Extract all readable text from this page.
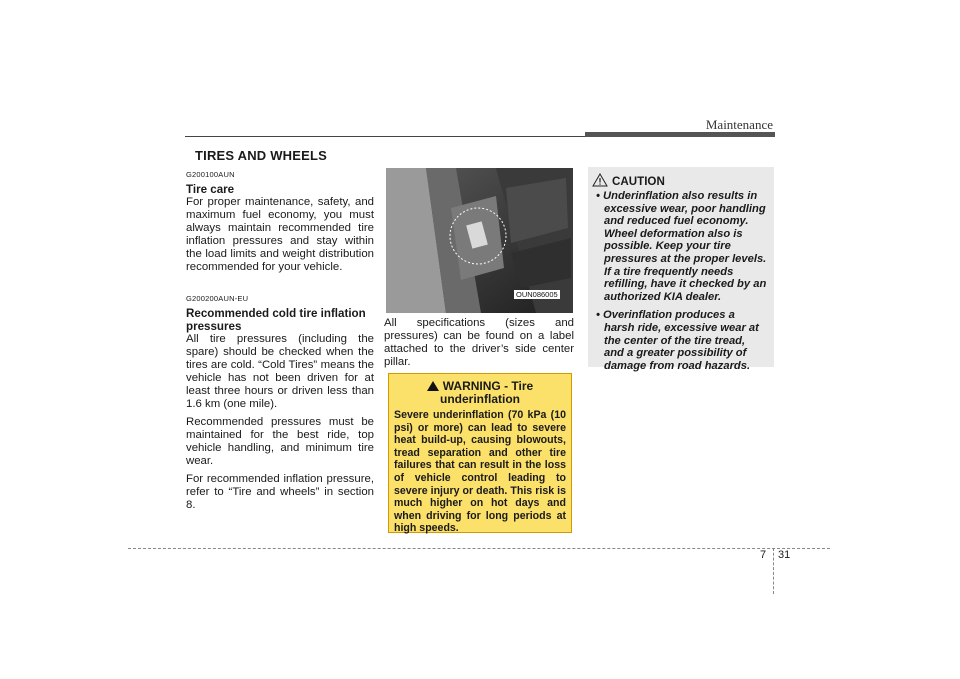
Maintenance
TIRES AND WHEELS

G200100AUN

Tire care

For proper maintenance, safety, and maximum fuel economy, you must always maintain recommended tire inflation pressures and stay within the load limits and weight distribution recommended for your vehicle.

G200200AUN-EU

Recommended cold tire inflation pressures

All tire pressures (including the spare) should be checked when the tires are cold. “Cold Tires” means the vehicle has not been driven for at least three hours or driven less than 1.6 km (one mile).

Recommended pressures must be maintained for the best ride, top vehicle handling, and minimum tire wear.

For recommended inflation pressure, refer to “Tire and wheels” in section 8.

OUN086005

All specifications (sizes and pressures) can be found on a label attached to the driver’s side center pillar.

WARNING - Tire underinflation

Severe underinflation (70 kPa (10 psi) or more) can lead to severe heat build-up, causing blowouts, tread separation and other tire failures that can result in the loss of vehicle control leading to severe injury or death. This risk is much higher on hot days and when driving for long periods at high speeds.

CAUTION

• Underinflation also results in excessive wear, poor handling and reduced fuel economy. Wheel deformation also is possible. Keep your tire pressures at the proper levels. If a tire frequently needs refilling, have it checked by an authorized KIA dealer.
• Overinflation produces a harsh ride, excessive wear at the center of the tire tread, and a greater possibility of damage from road hazards.
7 31
